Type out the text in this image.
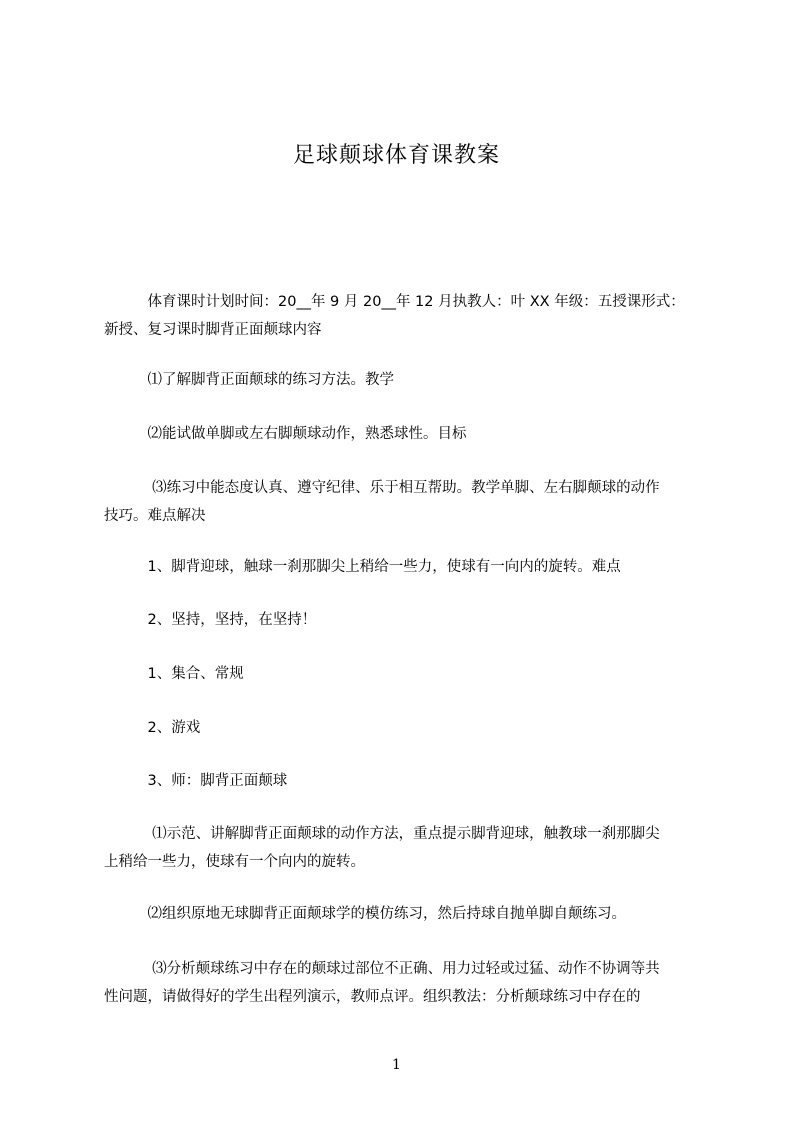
足球颠球体育课教案
　　　体育课时计划时间：20__年 9 月 20__年 12 月执教人：叶 XX 年级：五授课形式：
新授、复习课时脚背正面颠球内容
　　　⑴了解脚背正面颠球的练习方法。教学
　　　⑵能试做单脚或左右脚颠球动作，熟悉球性。目标
　　　 ⑶练习中能态度认真、遵守纪律、乐于相互帮助。教学单脚、左右脚颠球的动作
技巧。难点解决
　　　1、脚背迎球，触球一刹那脚尖上稍给一些力，使球有一向内的旋转。难点
　　　2、坚持，坚持，在坚持！
　　　1、集合、常规
　　　2、游戏
　　　3、师：脚背正面颠球
　　　 ⑴示范、讲解脚背正面颠球的动作方法，重点提示脚背迎球，触教球一刹那脚尖
上稍给一些力，使球有一个向内的旋转。
　　　⑵组织原地无球脚背正面颠球学的模仿练习，然后持球自抛单脚自颠练习。
　　　 ⑶分析颠球练习中存在的颠球过部位不正确、用力过轻或过猛、动作不协调等共
性问题，请做得好的学生出程列演示，教师点评。组织教法：分析颠球练习中存在的
1
